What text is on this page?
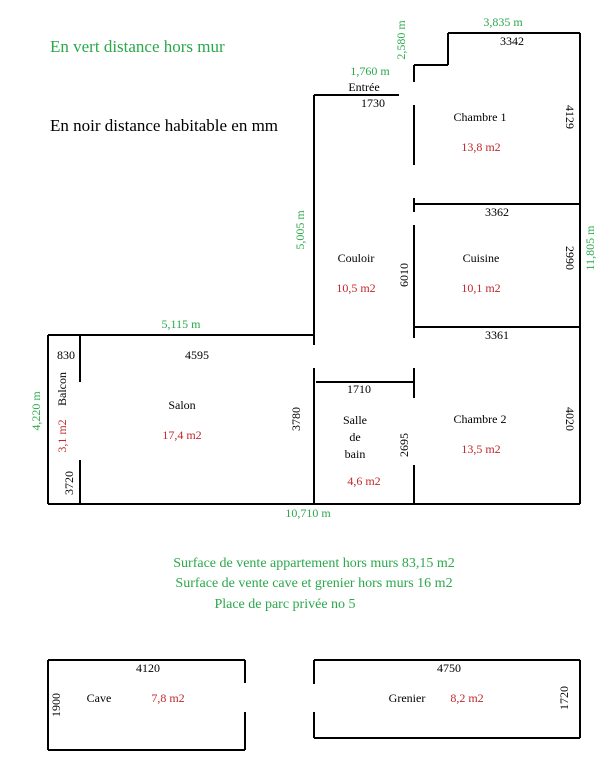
En vert distance hors mur
En noir distance habitable en mm
1,760 m
2,580 m	3,835 m
5,005 m	11,805 m
5,115 m
4,220 m
10,710 m
1730
3342
4129
3362
2990
6010
3361
830	4595
1710
3780
2695
4020
3720
Entrée
Chambre 1
13,8 m2
Couloir
10,5 m2
Cuisine
10,1 m2
Salon
17,4 m2
Balcon
3,1 m2	Salle
de
bain
4,6 m2
Chambre 2
13,5 m2
Surface de vente appartement hors murs 83,15 m2
Surface de vente cave et grenier hors murs 16 m2
Place de parc privée no 5
4120
1900 Cave	7,8 m2
4750
1720
Grenier 8,2 m2
